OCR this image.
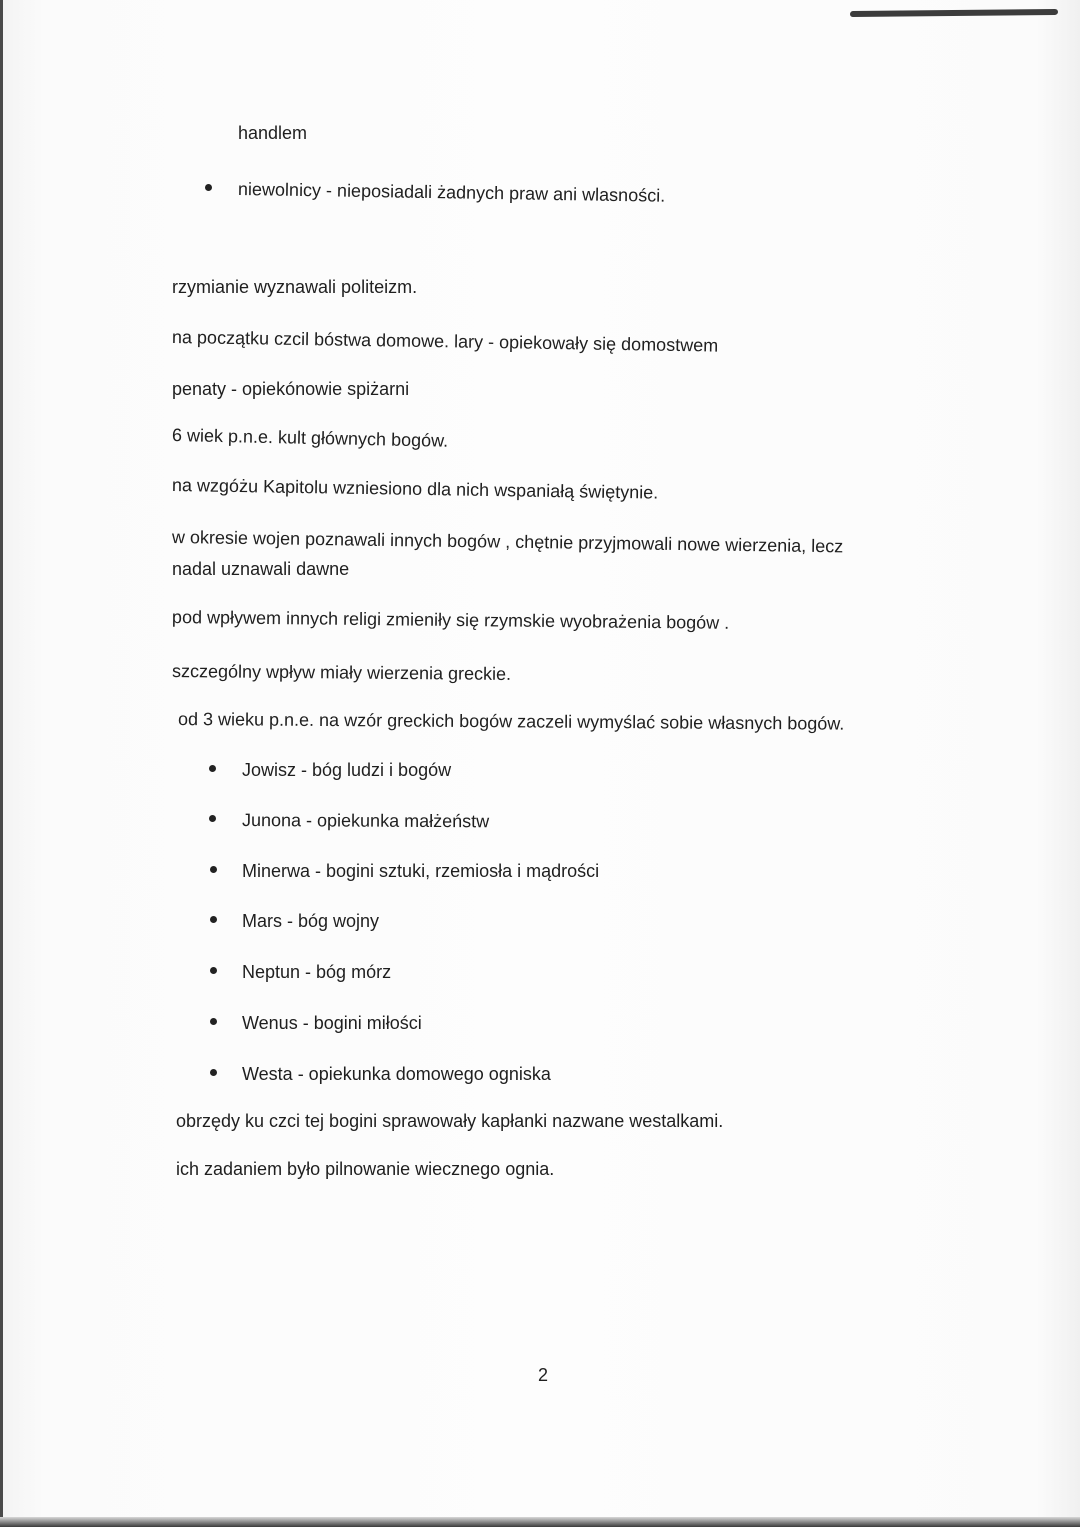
handlem
niewolnicy - nieposiadali żadnych praw ani wlasności.
rzymianie wyznawali politeizm.
na początku czcil bóstwa domowe. lary - opiekowały się domostwem
penaty - opiekónowie spiżarni
6 wiek p.n.e. kult głównych bogów.
na wzgóżu Kapitolu wzniesiono dla nich wspaniałą świętynie.
w okresie wojen poznawali innych bogów , chętnie przyjmowali nowe wierzenia, lecz
nadal uznawali dawne
pod wpływem innych religi zmieniły się rzymskie wyobrażenia bogów .
szczególny wpływ miały wierzenia greckie.
od 3 wieku p.n.e. na wzór greckich bogów zaczeli wymyślać sobie własnych bogów.
Jowisz - bóg ludzi i bogów
Junona - opiekunka małżeństw
Minerwa - bogini sztuki, rzemiosła i mądrości
Mars - bóg wojny
Neptun - bóg mórz
Wenus - bogini miłości
Westa - opiekunka domowego ogniska
obrzędy ku czci tej bogini sprawowały kapłanki nazwane westalkami.
ich zadaniem było pilnowanie wiecznego ognia.
2
